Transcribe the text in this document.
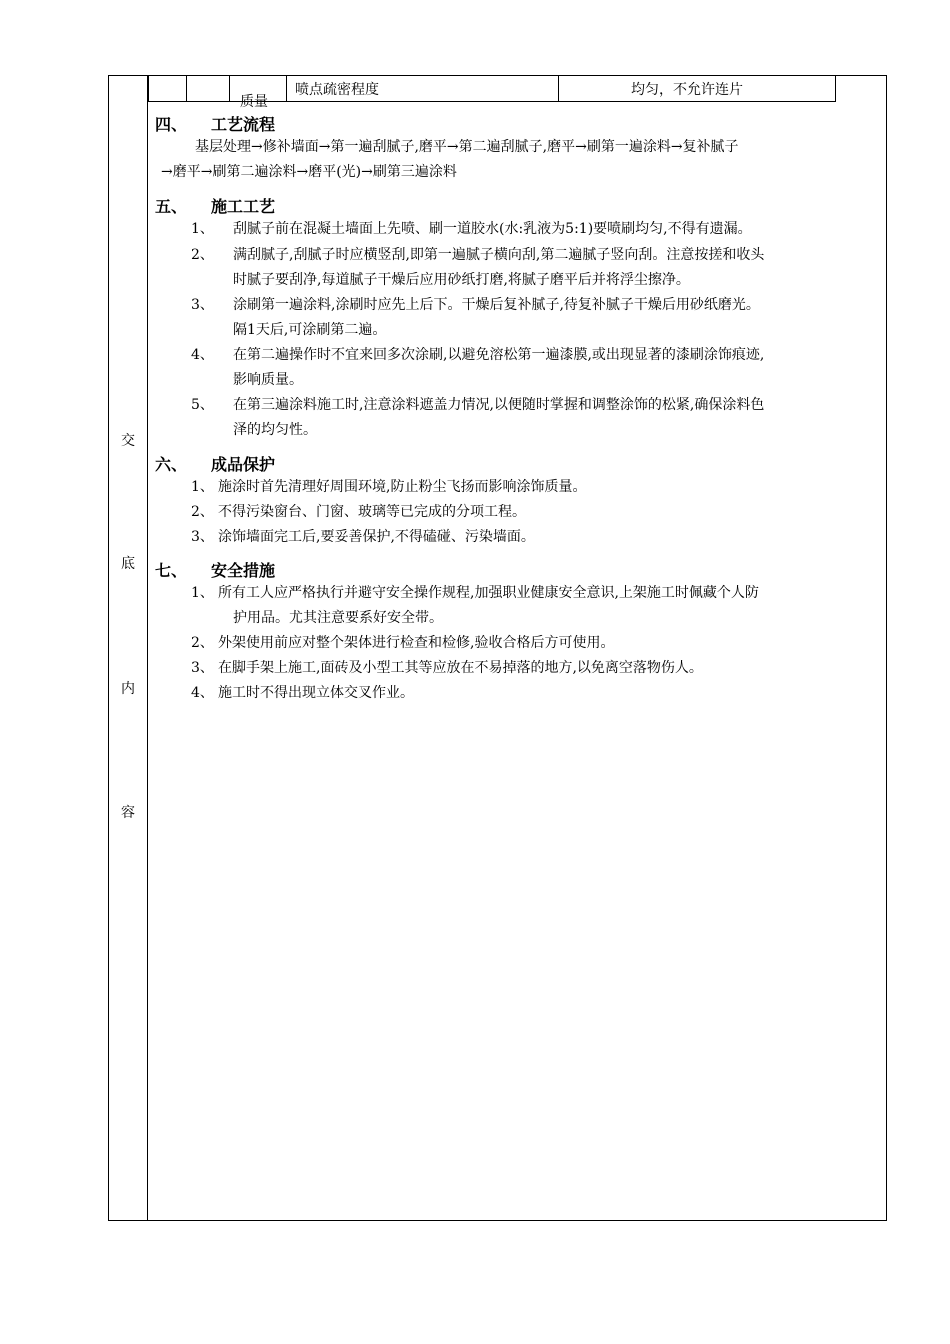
交
底
内
容
质量
喷点疏密程度	均匀，不允许连片
四、 工艺流程
基层处理→修补墙面→第一遍刮腻子,磨平→第二遍刮腻子,磨平→刷第一遍涂料→复补腻子
→磨平→刷第二遍涂料→磨平(光)→刷第三遍涂料
五、 施工工艺
1、 刮腻子前在混凝土墙面上先喷、刷一道胶水(水:乳液为5:1)要喷刷均匀,不得有遗漏。
2、 满刮腻子,刮腻子时应横竖刮,即第一遍腻子横向刮,第二遍腻子竖向刮。注意按搓和收头
时腻子要刮净,每道腻子干燥后应用砂纸打磨,将腻子磨平后并将浮尘擦净。
3、 涂刷第一遍涂料,涂刷时应先上后下。干燥后复补腻子,待复补腻子干燥后用砂纸磨光。
隔1天后,可涂刷第二遍。
4、 在第二遍操作时不宜来回多次涂刷,以避免溶松第一遍漆膜,或出现显著的漆刷涂饰痕迹,
影响质量。
5、 在第三遍涂料施工时,注意涂料遮盖力情况,以便随时掌握和调整涂饰的松紧,确保涂料色
泽的均匀性。
六、 成品保护
1、 施涂时首先清理好周围环境,防止粉尘飞扬而影响涂饰质量。
2、 不得污染窗台、门窗、玻璃等已完成的分项工程。
3、 涂饰墙面完工后,要妥善保护,不得磕碰、污染墙面。
七、 安全措施
1、 所有工人应严格执行并避守安全操作规程,加强职业健康安全意识,上架施工时佩藏个人防
护用品。尤其注意要系好安全带。
2、 外架使用前应对整个架体进行检查和检修,验收合格后方可使用。
3、 在脚手架上施工,面砖及小型工其等应放在不易掉落的地方,以免离空落物伤人。
4、 施工时不得出现立体交叉作业。
